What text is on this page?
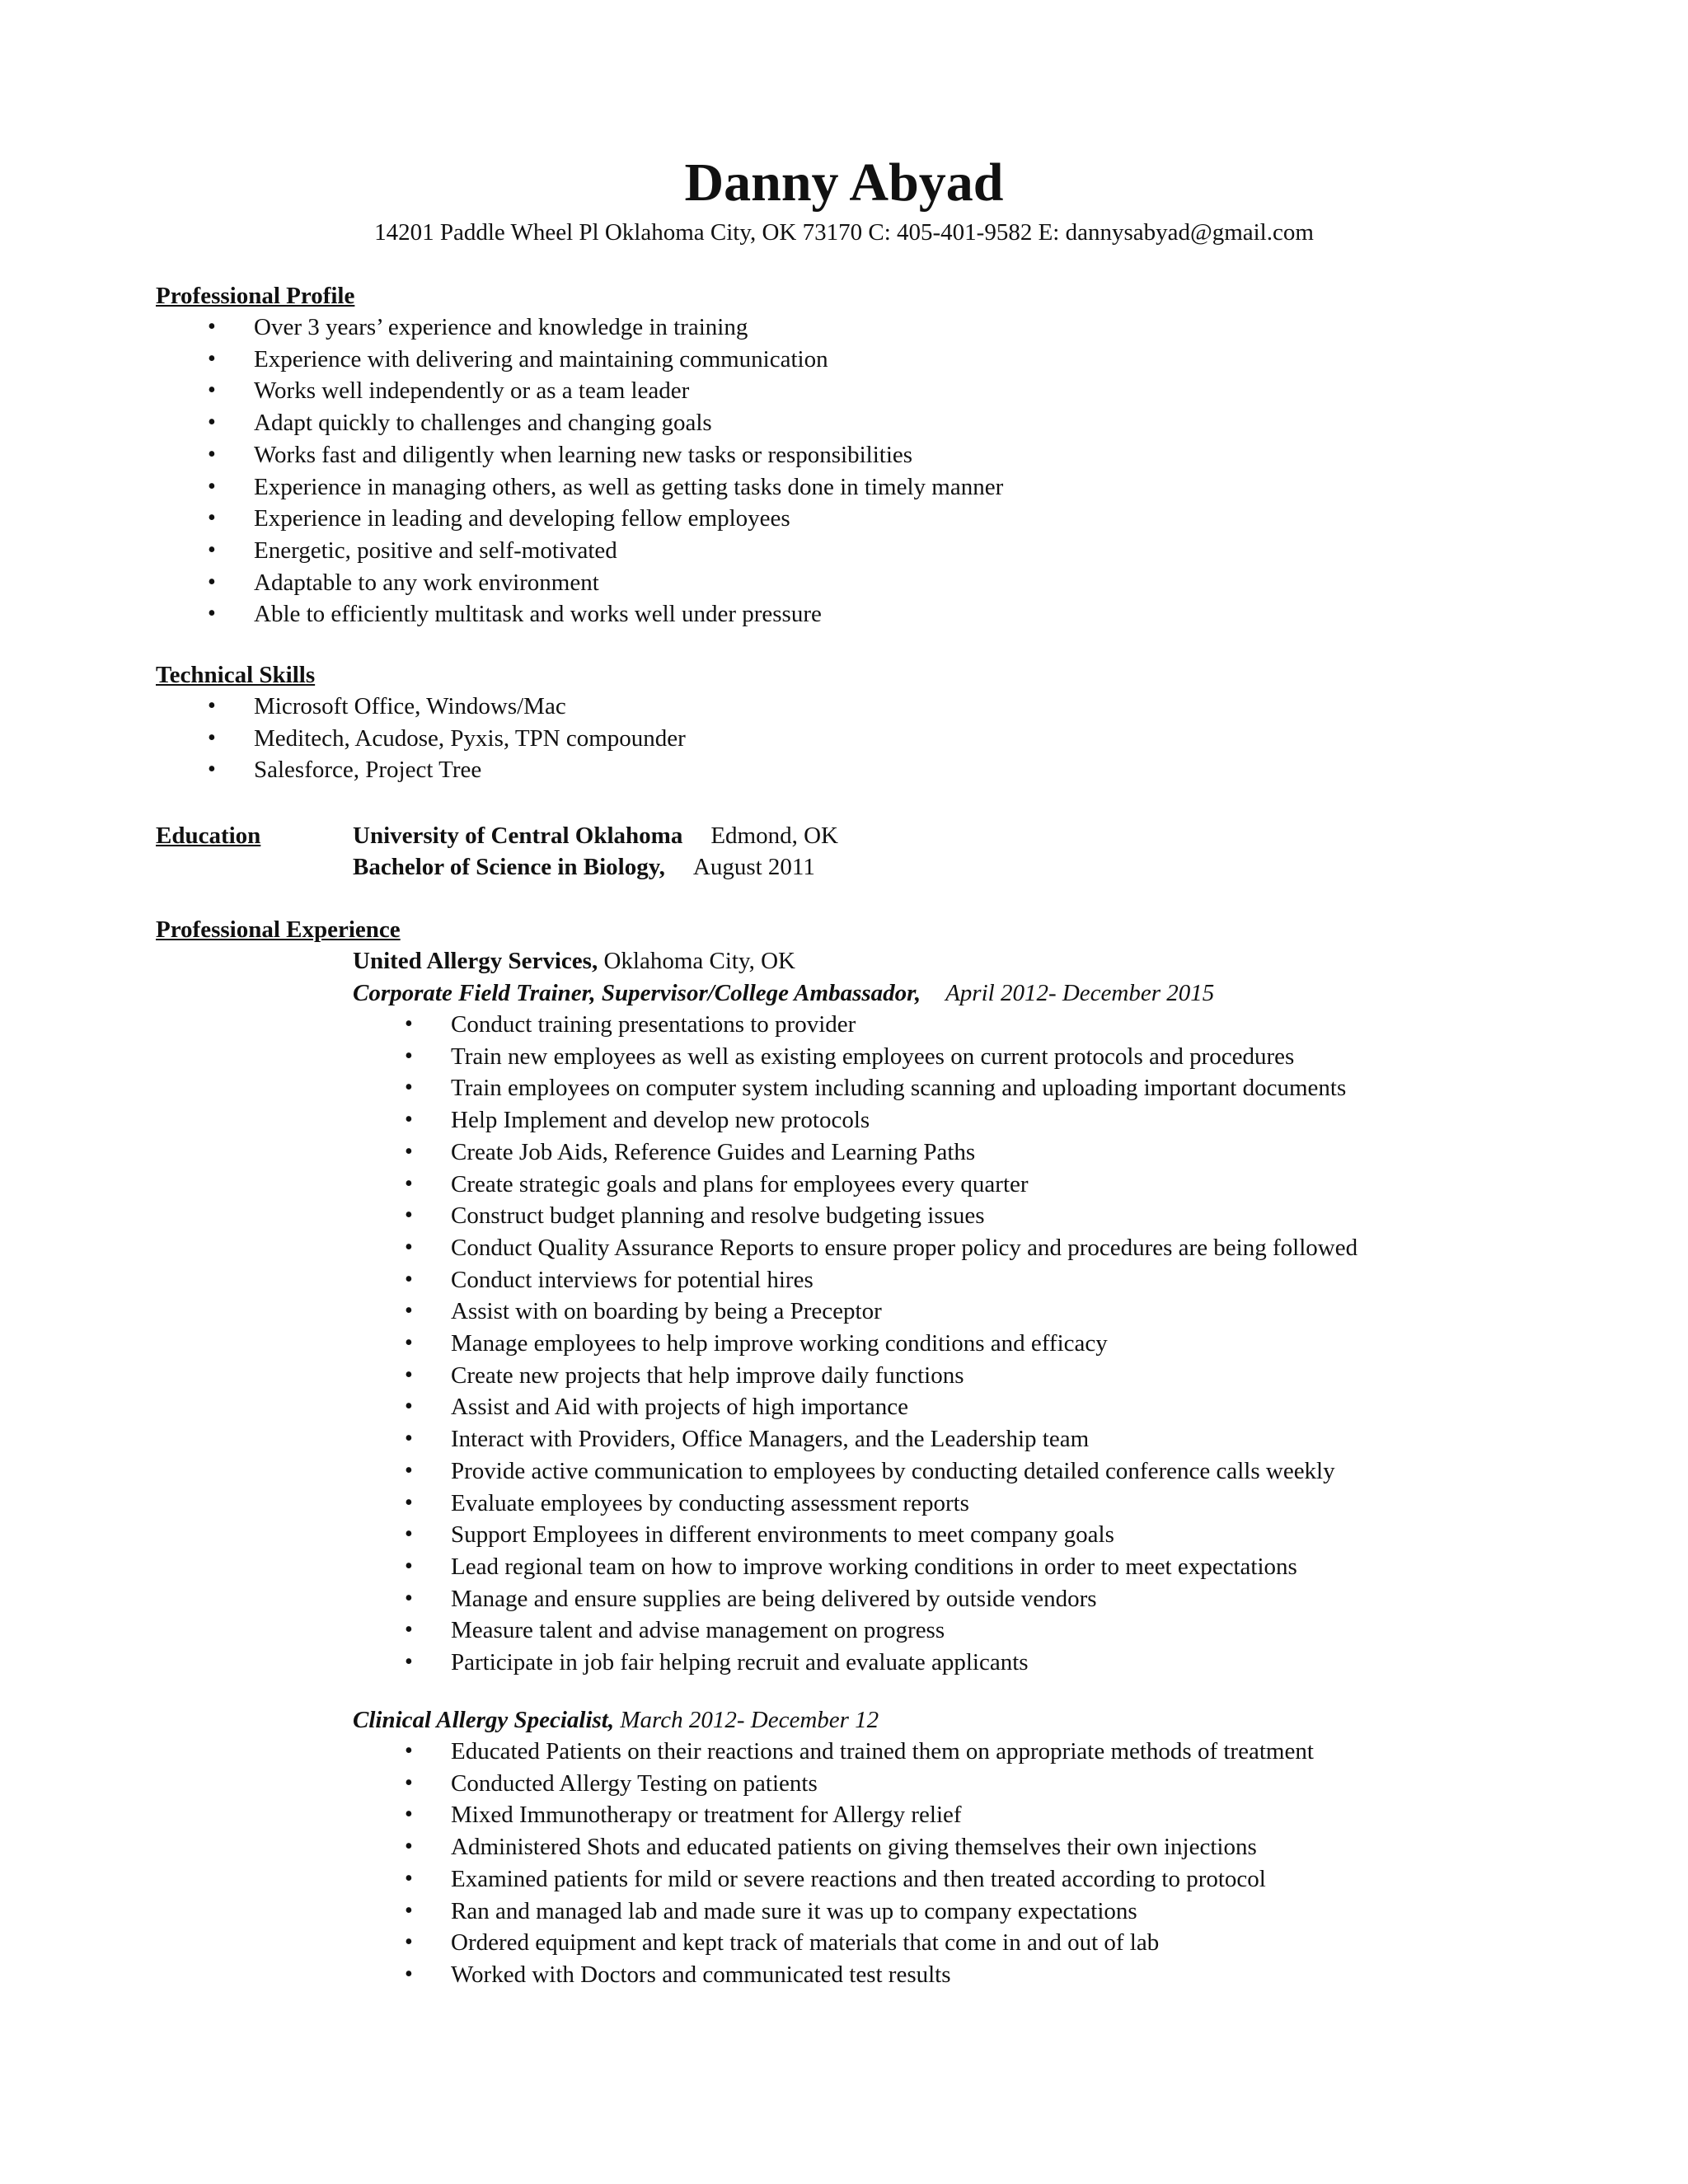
Danny Abyad
14201 Paddle Wheel Pl Oklahoma City, OK 73170 C: 405-401-9582 E: dannysabyad@gmail.com
Professional Profile
• Over 3 years’ experience and knowledge in training
• Experience with delivering and maintaining communication
• Works well independently or as a team leader
• Adapt quickly to challenges and changing goals
• Works fast and diligently when learning new tasks or responsibilities
• Experience in managing others, as well as getting tasks done in timely manner
• Experience in leading and developing fellow employees
• Energetic, positive and self-motivated
• Adaptable to any work environment
• Able to efficiently multitask and works well under pressure
Technical Skills
• Microsoft Office, Windows/Mac
• Meditech, Acudose, Pyxis, TPN compounder
• Salesforce, Project Tree
Education	University of Central Oklahoma Edmond, OK
Bachelor of Science in Biology, August 2011
Professional Experience
United Allergy Services, Oklahoma City, OK
Corporate Field Trainer, Supervisor/College Ambassador, April 2012- December 2015
• Conduct training presentations to provider
• Train new employees as well as existing employees on current protocols and procedures
• Train employees on computer system including scanning and uploading important documents
• Help Implement and develop new protocols
• Create Job Aids, Reference Guides and Learning Paths
• Create strategic goals and plans for employees every quarter
• Construct budget planning and resolve budgeting issues
• Conduct Quality Assurance Reports to ensure proper policy and procedures are being followed
• Conduct interviews for potential hires
• Assist with on boarding by being a Preceptor
• Manage employees to help improve working conditions and efficacy
• Create new projects that help improve daily functions
• Assist and Aid with projects of high importance
• Interact with Providers, Office Managers, and the Leadership team
• Provide active communication to employees by conducting detailed conference calls weekly
• Evaluate employees by conducting assessment reports
• Support Employees in different environments to meet company goals
• Lead regional team on how to improve working conditions in order to meet expectations
• Manage and ensure supplies are being delivered by outside vendors
• Measure talent and advise management on progress
• Participate in job fair helping recruit and evaluate applicants
Clinical Allergy Specialist, March 2012- December 12
• Educated Patients on their reactions and trained them on appropriate methods of treatment
• Conducted Allergy Testing on patients
• Mixed Immunotherapy or treatment for Allergy relief
• Administered Shots and educated patients on giving themselves their own injections
• Examined patients for mild or severe reactions and then treated according to protocol
• Ran and managed lab and made sure it was up to company expectations
• Ordered equipment and kept track of materials that come in and out of lab
• Worked with Doctors and communicated test results
